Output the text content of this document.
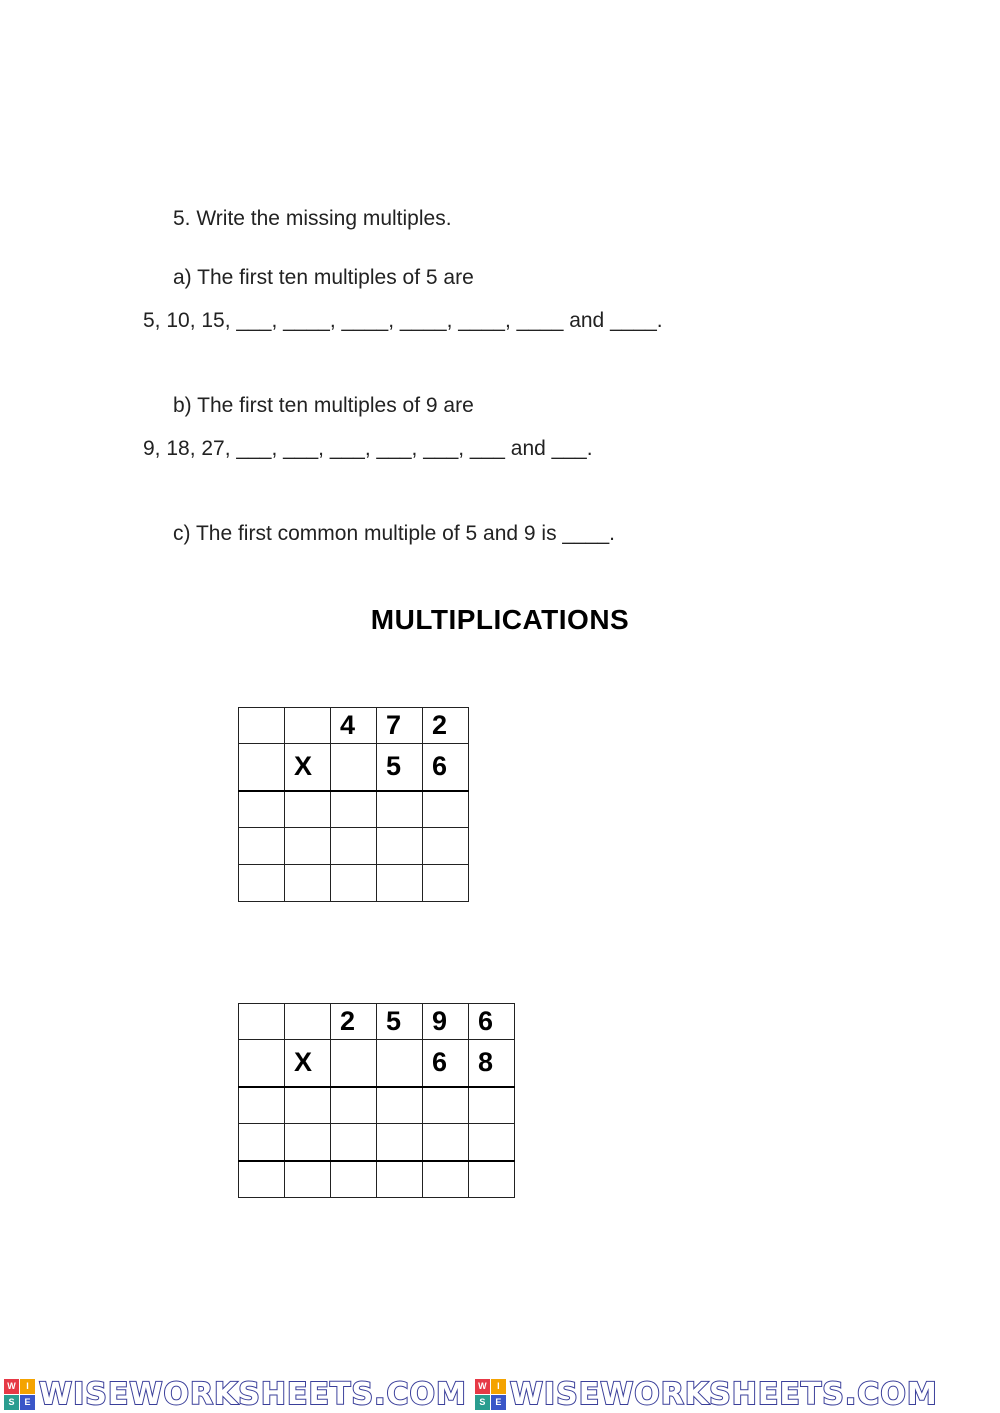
5. Write the missing multiples.
a) The first ten multiples of 5 are
5, 10, 15, ___, ____, ____, ____, ____, ____ and ____.
b) The first ten multiples of 9 are
9, 18, 27, ___, ___, ___, ___, ___, ___ and ___.
c) The first common multiple of 5 and 9 is ____.
MULTIPLICATIONS
		4	7	2
	X		5	6

		2	5	9	6
	X			6	8

W	I
S	E WISEWORKSHEETS.COM	W	I
S	E WISEWORKSHEETS.COM
